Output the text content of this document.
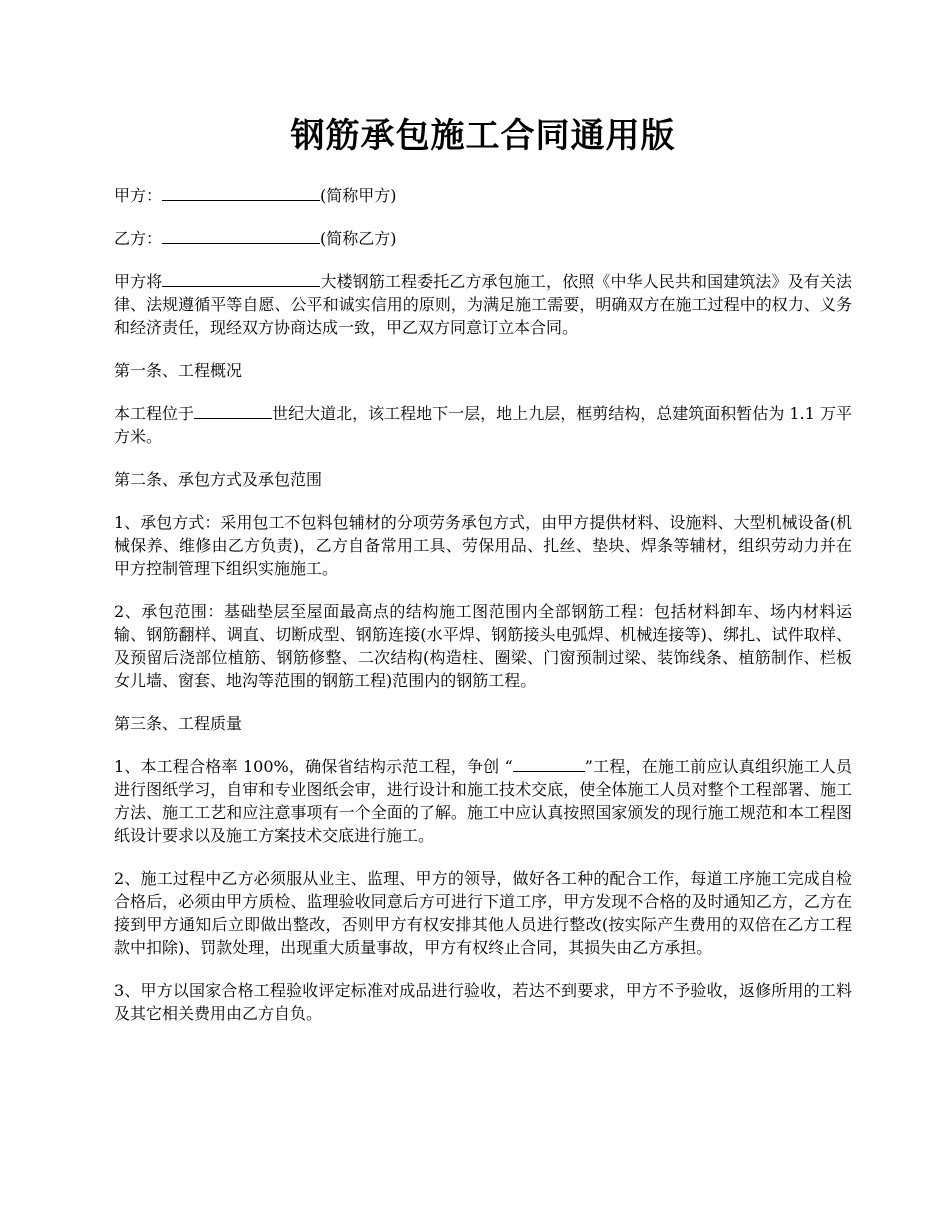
钢筋承包施工合同通用版

甲方：	(简称甲方)

乙方：	(简称乙方)

甲方将	大楼钢筋工程委托乙方承包施工，依照《中华人民共和国建筑法》及有关法律、法规遵循平等自愿、公平和诚实信用的原则，为满足施工需要，明确双方在施工过程中的权力、义务和经济责任，现经双方协商达成一致，甲乙双方同意订立本合同。

第一条、工程概况

本工程位于	世纪大道北，该工程地下一层，地上九层，框剪结构，总建筑面积暂估为 1.1 万平方米。

第二条、承包方式及承包范围

1、承包方式：采用包工不包料包辅材的分项劳务承包方式，由甲方提供材料、设施料、大型机械设备(机械保养、维修由乙方负责)，乙方自备常用工具、劳保用品、扎丝、垫块、焊条等辅材，组织劳动力并在甲方控制管理下组织实施施工。

2、承包范围：基础垫层至屋面最高点的结构施工图范围内全部钢筋工程：包括材料卸车、场内材料运输、钢筋翻样、调直、切断成型、钢筋连接(水平焊、钢筋接头电弧焊、机械连接等)、绑扎、试件取样、及预留后浇部位植筋、钢筋修整、二次结构(构造柱、圈梁、门窗预制过梁、装饰线条、植筋制作、栏板女儿墙、窗套、地沟等范围的钢筋工程)范围内的钢筋工程。

第三条、工程质量

1、本工程合格率 100%，确保省结构示范工程，争创 “	”工程，在施工前应认真组织施工人员进行图纸学习，自审和专业图纸会审，进行设计和施工技术交底，使全体施工人员对整个工程部署、施工方法、施工工艺和应注意事项有一个全面的了解。施工中应认真按照国家颁发的现行施工规范和本工程图纸设计要求以及施工方案技术交底进行施工。

2、施工过程中乙方必须服从业主、监理、甲方的领导，做好各工种的配合工作，每道工序施工完成自检合格后，必须由甲方质检、监理验收同意后方可进行下道工序，甲方发现不合格的及时通知乙方，乙方在接到甲方通知后立即做出整改，否则甲方有权安排其他人员进行整改(按实际产生费用的双倍在乙方工程款中扣除)、罚款处理，出现重大质量事故，甲方有权终止合同，其损失由乙方承担。

3、甲方以国家合格工程验收评定标准对成品进行验收，若达不到要求，甲方不予验收，返修所用的工料及其它相关费用由乙方自负。
